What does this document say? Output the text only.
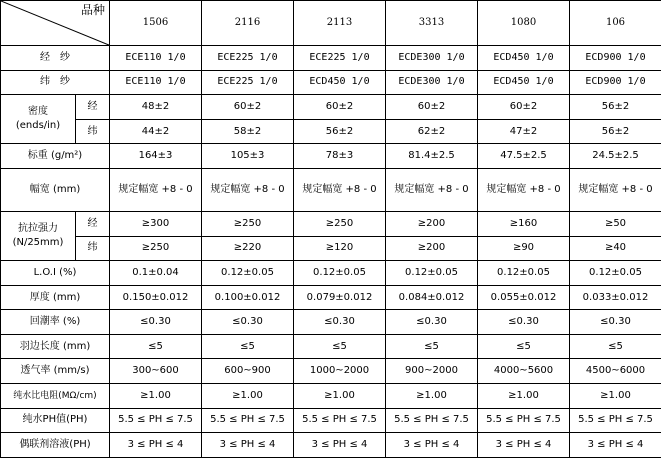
品种		1506	2116	2113	3313	1080	106
经　纱		ECE110 1/0	ECE225 1/0	ECE225 1/0	ECDE300 1/0	ECD450 1/0	ECD900 1/0
纬　纱		ECE110 1/0	ECE225 1/0	ECD450 1/0	ECDE300 1/0	ECD450 1/0	ECD900 1/0

密度
(ends/in)	经	48±2	60±2	60±2	60±2	60±2	56±2
	纬	44±2	58±2	56±2	62±2	47±2	56±2
标重 (g/m²)		164±3	105±3	78±3	81.4±2.5	47.5±2.5	24.5±2.5
幅宽 (mm)		规定幅宽 +8 - 0	规定幅宽 +8 - 0	规定幅宽 +8 - 0	规定幅宽 +8 - 0	规定幅宽 +8 - 0	规定幅宽 +8 - 0

抗拉强力
(N/25mm)	经	≥300	≥250	≥250	≥200	≥160	≥50
	纬	≥250	≥220	≥120	≥200	≥90	≥40
L.O.I (%)		0.1±0.04	0.12±0.05	0.12±0.05	0.12±0.05	0.12±0.05	0.12±0.05
厚度 (mm)		0.150±0.012	0.100±0.012	0.079±0.012	0.084±0.012	0.055±0.012	0.033±0.012
回潮率 (%)		≤0.30	≤0.30	≤0.30	≤0.30	≤0.30	≤0.30
羽边长度 (mm)		≤5	≤5	≤5	≤5	≤5	≤5
透气率 (mm/s)		300~600	600~900	1000~2000	900~2000	4000~5600	4500~6000
纯水比电阻(MΩ/cm)		≥1.00	≥1.00	≥1.00	≥1.00	≥1.00	≥1.00
纯水PH值(PH)		5.5 ≤ PH ≤ 7.5	5.5 ≤ PH ≤ 7.5	5.5 ≤ PH ≤ 7.5	5.5 ≤ PH ≤ 7.5	5.5 ≤ PH ≤ 7.5	5.5 ≤ PH ≤ 7.5
偶联剂溶液(PH)		3 ≤ PH ≤ 4	3 ≤ PH ≤ 4	3 ≤ PH ≤ 4	3 ≤ PH ≤ 4	3 ≤ PH ≤ 4	3 ≤ PH ≤ 4
